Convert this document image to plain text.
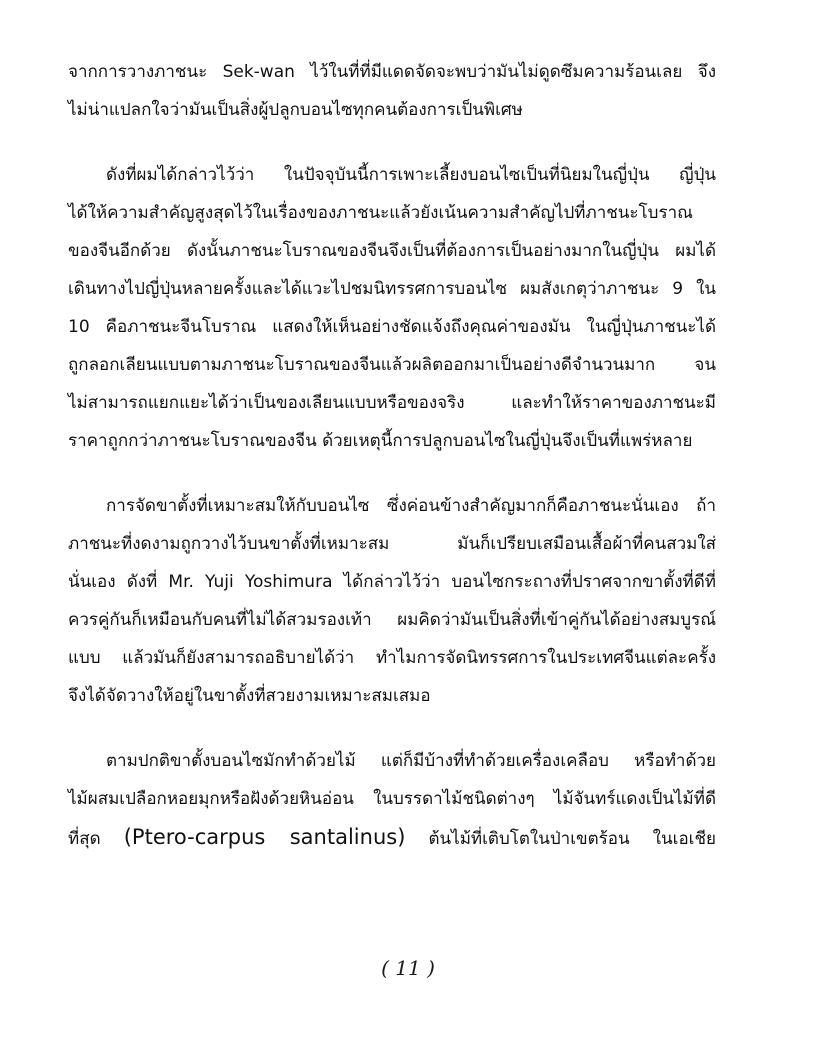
จากการวางภาชนะ Sek-wan ไว้ในที่ที่มีแดดจัดจะพบว่ามันไม่ดูดซึมความร้อนเลย จึง
ไม่น่าแปลกใจว่ามันเป็นสิ่งผู้ปลูกบอนไซทุกคนต้องการเป็นพิเศษ
ดังที่ผมได้กล่าวไว้ว่า ในปัจจุบันนี้การเพาะเลี้ยงบอนไซเป็นที่นิยมในญี่ปุ่น ญี่ปุ่น
ได้ให้ความสำคัญสูงสุดไว้ในเรื่องของภาชนะแล้วยังเน้นความสำคัญไปที่ภาชนะโบราณ
ของจีนอีกด้วย ดังนั้นภาชนะโบราณของจีนจึงเป็นที่ต้องการเป็นอย่างมากในญี่ปุ่น ผมได้
เดินทางไปญี่ปุ่นหลายครั้งและได้แวะไปชมนิทรรศการบอนไซ ผมสังเกตุว่าภาชนะ 9 ใน
10 คือภาชนะจีนโบราณ แสดงให้เห็นอย่างชัดแจ้งถึงคุณค่าของมัน ในญี่ปุ่นภาชนะได้
ถูกลอกเลียนแบบตามภาชนะโบราณของจีนแล้วผลิตออกมาเป็นอย่างดีจำนวนมาก จน
ไม่สามารถแยกแยะได้ว่าเป็นของเลียนแบบหรือของจริง และทำให้ราคาของภาชนะมี
ราคาถูกกว่าภาชนะโบราณของจีน ด้วยเหตุนี้การปลูกบอนไซในญี่ปุ่นจึงเป็นที่แพร่หลาย
การจัดขาตั้งที่เหมาะสมให้กับบอนไซ ซึ่งค่อนข้างสำคัญมากก็คือภาชนะนั่นเอง ถ้า
ภาชนะที่งดงามถูกวางไว้บนขาตั้งที่เหมาะสม มันก็เปรียบเสมือนเสื้อผ้าที่คนสวมใส่
นั่นเอง ดังที่ Mr. Yuji Yoshimura ได้กล่าวไว้ว่า บอนไซกระถางที่ปราศจากขาตั้งที่ดีที่
ควรคู่กันก็เหมือนกับคนที่ไม่ได้สวมรองเท้า ผมคิดว่ามันเป็นสิ่งที่เข้าคู่กันได้อย่างสมบูรณ์
แบบ แล้วมันก็ยังสามารถอธิบายได้ว่า ทำไมการจัดนิทรรศการในประเทศจีนแต่ละครั้ง
จึงได้จัดวางให้อยู่ในขาตั้งที่สวยงามเหมาะสมเสมอ
ตามปกติขาตั้งบอนไซมักทำด้วยไม้ แต่ก็มีบ้างที่ทำด้วยเครื่องเคลือบ หรือทำด้วย
ไม้ผสมเปลือกหอยมุกหรือฝังด้วยหินอ่อน ในบรรดาไม้ชนิดต่างๆ ไม้จันทร์แดงเป็นไม้ที่ดี
ที่สุด (Ptero-carpus santalinus) ต้นไม้ที่เติบโตในป่าเขตร้อน ในเอเชีย
( 11 )
